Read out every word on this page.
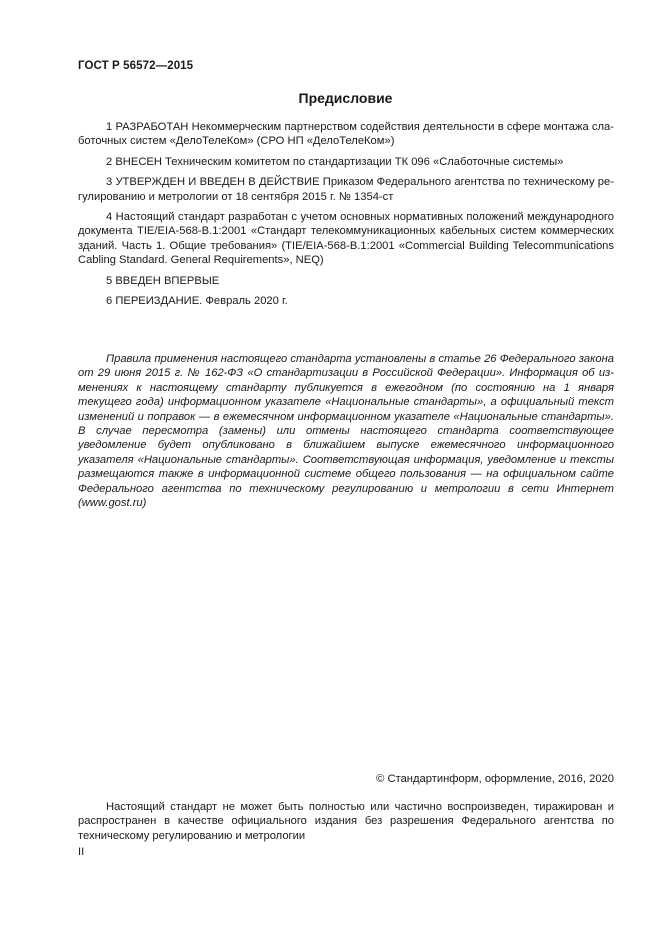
ГОСТ Р 56572—2015
Предисловие

1 РАЗРАБОТАН Некоммерческим партнерством содействия деятельности в сфере монтажа слаботочных систем «ДелоТелеКом» (СРО НП «ДелоТелеКом»)

2 ВНЕСЕН Техническим комитетом по стандартизации ТК 096 «Слаботочные системы»

3 УТВЕРЖДЕН И ВВЕДЕН В ДЕЙСТВИЕ Приказом Федерального агентства по техническому регулированию и метрологии от 18 сентября 2015 г. № 1354-ст

4 Настоящий стандарт разработан с учетом основных нормативных положений международного документа TIE/EIA-568-B.1:2001 «Стандарт телекоммуникационных кабельных систем коммерческих зданий. Часть 1. Общие требования» (TIE/EIA-568-B.1:2001 «Commercial Building Telecommunications Cabling Standard. General Requirements», NEQ)

5 ВВЕДЕН ВПЕРВЫЕ

6 ПЕРЕИЗДАНИЕ. Февраль 2020 г.

Правила применения настоящего стандарта установлены в статье 26 Федерального закона от 29 июня 2015 г. № 162-ФЗ «О стандартизации в Российской Федерации». Информация об изменениях к настоящему стандарту публикуется в ежегодном (по состоянию на 1 января текущего года) информационном указателе «Национальные стандарты», а официальный текст изменений и поправок — в ежемесячном информационном указателе «Национальные стандарты». В случае пересмотра (замены) или отмены настоящего стандарта соответствующее уведомление будет опубликовано в ближайшем выпуске ежемесячного информационного указателя «Национальные стандарты». Соответствующая информация, уведомление и тексты размещаются также в информационной системе общего пользования — на официальном сайте Федерального агентства по техническому регулированию и метрологии в сети Интернет (www.gost.ru)

© Стандартинформ, оформление, 2016, 2020

Настоящий стандарт не может быть полностью или частично воспроизведен, тиражирован и распространен в качестве официального издания без разрешения Федерального агентства по техническому регулированию и метрологии

II
